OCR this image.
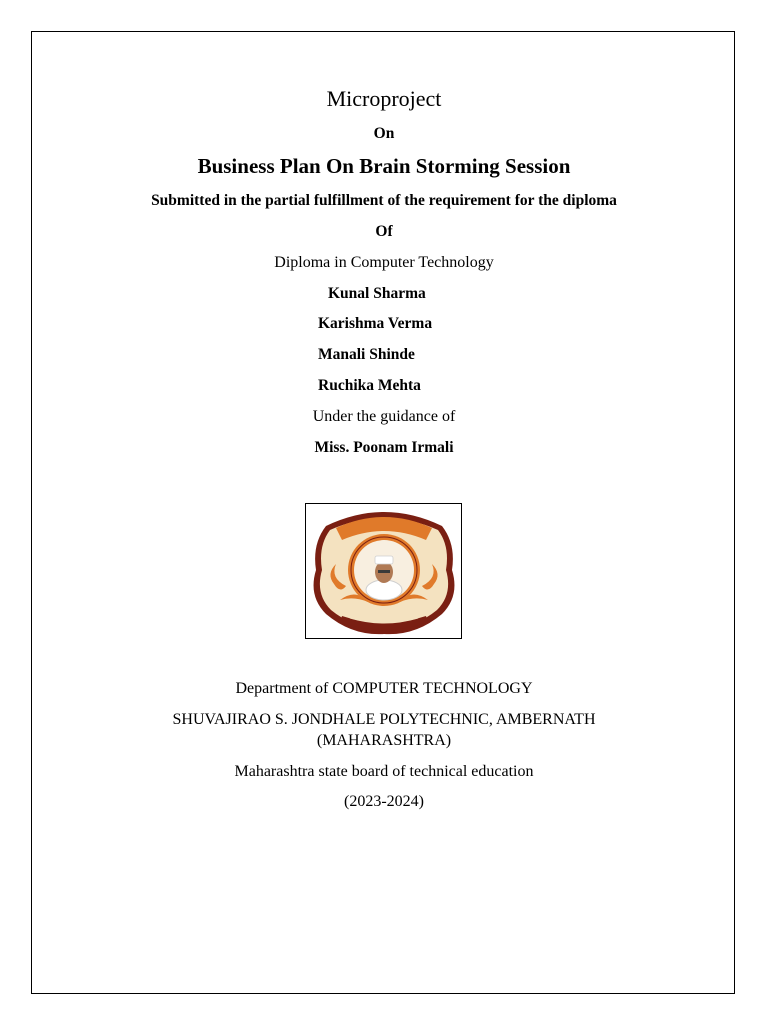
Microproject
On
Business Plan On Brain Storming Session
Submitted in the partial fulfillment of the requirement for the diploma
Of
Diploma in Computer Technology
Kunal Sharma
Karishma Verma
Manali Shinde
Ruchika Mehta
Under the guidance of
Miss. Poonam Irmali
Department of COMPUTER TECHNOLOGY
SHUVAJIRAO S. JONDHALE POLYTECHNIC, AMBERNATH
(MAHARASHTRA)
Maharashtra state board of technical education
(2023-2024)
